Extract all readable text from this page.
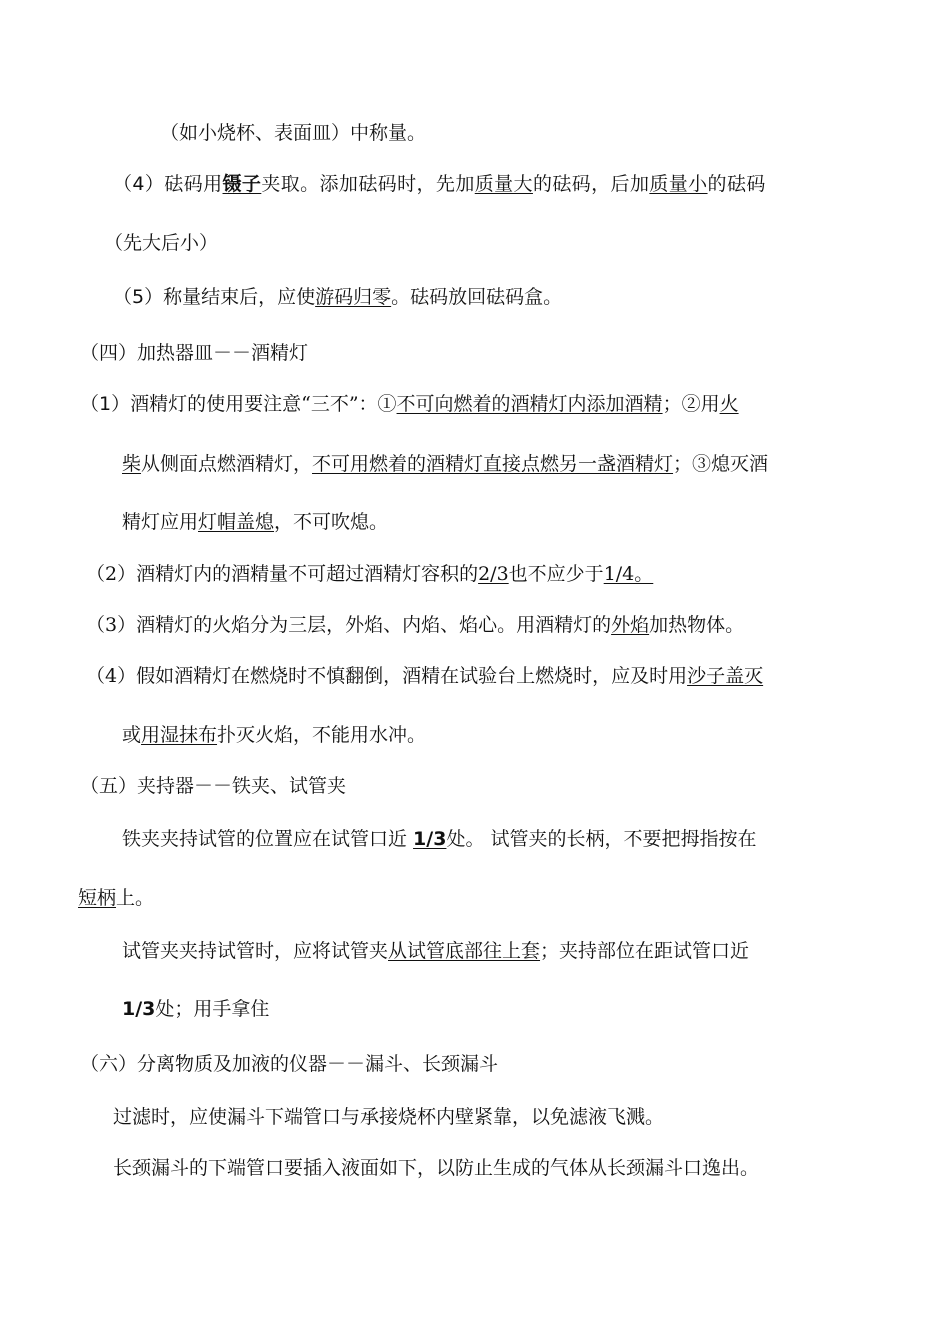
（如小烧杯、表面皿）中称量。
（4）砝码用镊子夹取。添加砝码时，先加质量大的砝码，后加质量小的砝码
（先大后小）
（5）称量结束后，应使游码归零。砝码放回砝码盒。
（四）加热器皿－－酒精灯
（1）酒精灯的使用要注意“三不”：①不可向燃着的酒精灯内添加酒精；②用火
柴从侧面点燃酒精灯，不可用燃着的酒精灯直接点燃另一盏酒精灯；③熄灭酒
精灯应用灯帽盖熄，不可吹熄。
（2）酒精灯内的酒精量不可超过酒精灯容积的2/3也不应少于1/4。
（3）酒精灯的火焰分为三层，外焰、内焰、焰心。用酒精灯的外焰加热物体。
（4）假如酒精灯在燃烧时不慎翻倒，酒精在试验台上燃烧时，应及时用沙子盖灭
或用湿抹布扑灭火焰，不能用水冲。
（五）夹持器－－铁夹、试管夹
铁夹夹持试管的位置应在试管口近 1/3处。 试管夹的长柄，不要把拇指按在
短柄上。
试管夹夹持试管时，应将试管夹从试管底部往上套；夹持部位在距试管口近
1/3处；用手拿住
（六）分离物质及加液的仪器－－漏斗、长颈漏斗
过滤时，应使漏斗下端管口与承接烧杯内壁紧靠，以免滤液飞溅。
长颈漏斗的下端管口要插入液面如下，以防止生成的气体从长颈漏斗口逸出。
